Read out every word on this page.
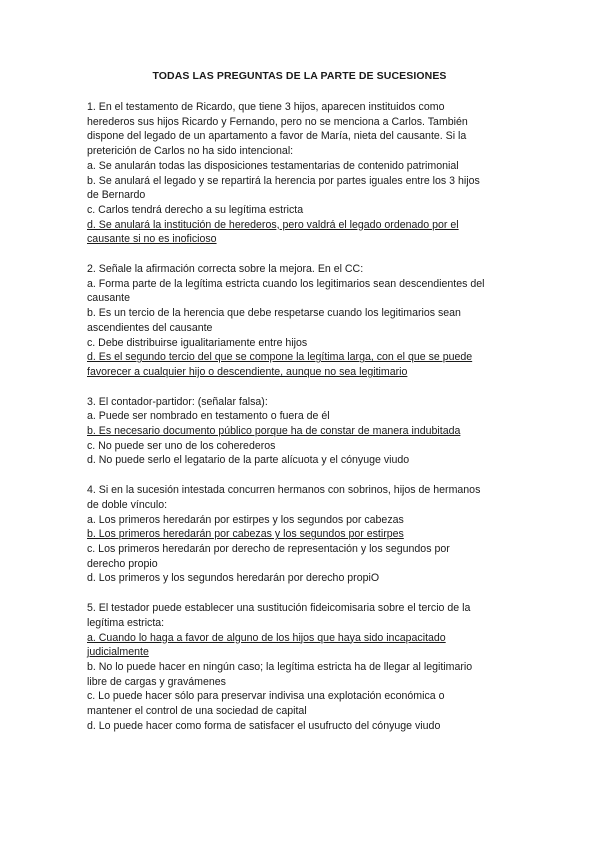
TODAS LAS PREGUNTAS DE LA PARTE DE SUCESIONES

1. En el testamento de Ricardo, que tiene 3 hijos, aparecen instituidos como herederos sus hijos Ricardo y Fernando, pero no se menciona a Carlos. También dispone del legado de un apartamento a favor de María, nieta del causante. Si la preterición de Carlos no ha sido intencional:

a. Se anularán todas las disposiciones testamentarias de contenido patrimonial

b. Se anulará el legado y se repartirá la herencia por partes iguales entre los 3 hijos de Bernardo

c. Carlos tendrá derecho a su legítima estricta

d. Se anulará la institución de herederos, pero valdrá el legado ordenado por el causante si no es inoficioso

2. Señale la afirmación correcta sobre la mejora. En el CC:

a. Forma parte de la legítima estricta cuando los legitimarios sean descendientes del causante

b. Es un tercio de la herencia que debe respetarse cuando los legitimarios sean ascendientes del causante

c. Debe distribuirse igualitariamente entre hijos

d. Es el segundo tercio del que se compone la legítima larga, con el que se puede favorecer a cualquier hijo o descendiente, aunque no sea legitimario

3. El contador-partidor: (señalar falsa):

a. Puede ser nombrado en testamento o fuera de él

b. Es necesario documento público porque ha de constar de manera indubitada

c. No puede ser uno de los coherederos

d. No puede serlo el legatario de la parte alícuota y el cónyuge viudo

4. Si en la sucesión intestada concurren hermanos con sobrinos, hijos de hermanos de doble vínculo:

a. Los primeros heredarán por estirpes y los segundos por cabezas

b. Los primeros heredarán por cabezas y los segundos por estirpes

c. Los primeros heredarán por derecho de representación y los segundos por derecho propio

d. Los primeros y los segundos heredarán por derecho propiO

5. El testador puede establecer una sustitución fideicomisaria sobre el tercio de la legítima estricta:

a. Cuando lo haga a favor de alguno de los hijos que haya sido incapacitado judicialmente

b. No lo puede hacer en ningún caso; la legítima estricta ha de llegar al legitimario libre de cargas y gravámenes

c. Lo puede hacer sólo para preservar indivisa una explotación económica o mantener el control de una sociedad de capital

d. Lo puede hacer como forma de satisfacer el usufructo del cónyuge viudo
